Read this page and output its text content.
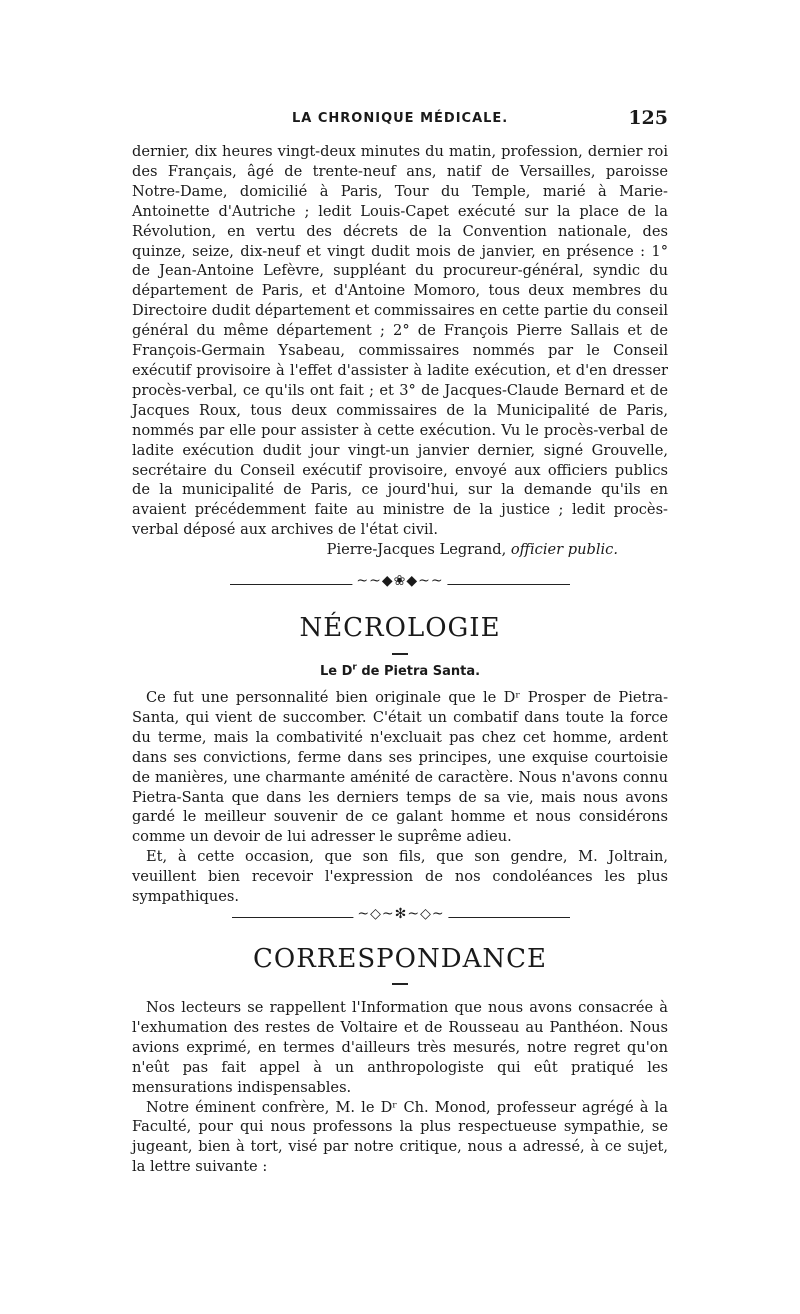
LA CHRONIQUE MÉDICALE.	125

dernier, dix heures vingt-deux minutes du matin, profession, dernier roi des Français, âgé de trente-neuf ans, natif de Versailles, paroisse Notre-Dame, domicilié à Paris, Tour du Temple, marié à Marie-Antoinette d'Autriche ; ledit Louis-Capet exécuté sur la place de la Révolution, en vertu des décrets de la Convention nationale, des quinze, seize, dix-neuf et vingt dudit mois de janvier, en présence : 1° de Jean-Antoine Lefèvre, suppléant du procureur-général, syndic du département de Paris, et d'Antoine Momoro, tous deux membres du Directoire dudit département et commissaires en cette partie du conseil général du même département ; 2° de François Pierre Sallais et de François-Germain Ysabeau, commissaires nommés par le Conseil exécutif provisoire à l'effet d'assister à ladite exécution, et d'en dresser procès-verbal, ce qu'ils ont fait ; et 3° de Jacques-Claude Bernard et de Jacques Roux, tous deux commissaires de la Municipalité de Paris, nommés par elle pour assister à cette exécution. Vu le procès-verbal de ladite exécution dudit jour vingt-un janvier dernier, signé Grouvelle, secrétaire du Conseil exécutif provisoire, envoyé aux officiers publics de la municipalité de Paris, ce jourd'hui, sur la demande qu'ils en avaient précédemment faite au ministre de la justice ; ledit procès-verbal déposé aux archives de l'état civil.

Pierre-Jacques Legrand, officier public.

~~◆❀◆~~
NÉCROLOGIE
Le $D^r$ de Pietra Santa.

Ce fut une personnalité bien originale que le Dʳ Prosper de Pietra-Santa, qui vient de succomber. C'était un combatif dans toute la force du terme, mais la combativité n'excluait pas chez cet homme, ardent dans ses convictions, ferme dans ses principes, une exquise courtoisie de manières, une charmante aménité de caractère. Nous n'avons connu Pietra-Santa que dans les derniers temps de sa vie, mais nous avons gardé le meilleur souvenir de ce galant homme et nous considérons comme un devoir de lui adresser le suprême adieu.

Et, à cette occasion, que son fils, que son gendre, M. Joltrain, veuillent bien recevoir l'expression de nos condoléances les plus sympathiques.

~◇~✻~◇~
CORRESPONDANCE

Nos lecteurs se rappellent l'Information que nous avons consacrée à l'exhumation des restes de Voltaire et de Rousseau au Panthéon. Nous avions exprimé, en termes d'ailleurs très mesurés, notre regret qu'on n'eût pas fait appel à un anthropologiste qui eût pratiqué les mensurations indispensables.

Notre éminent confrère, M. le Dʳ Ch. Monod, professeur agrégé à la Faculté, pour qui nous professons la plus respectueuse sympathie, se jugeant, bien à tort, visé par notre critique, nous a adressé, à ce sujet, la lettre suivante :
